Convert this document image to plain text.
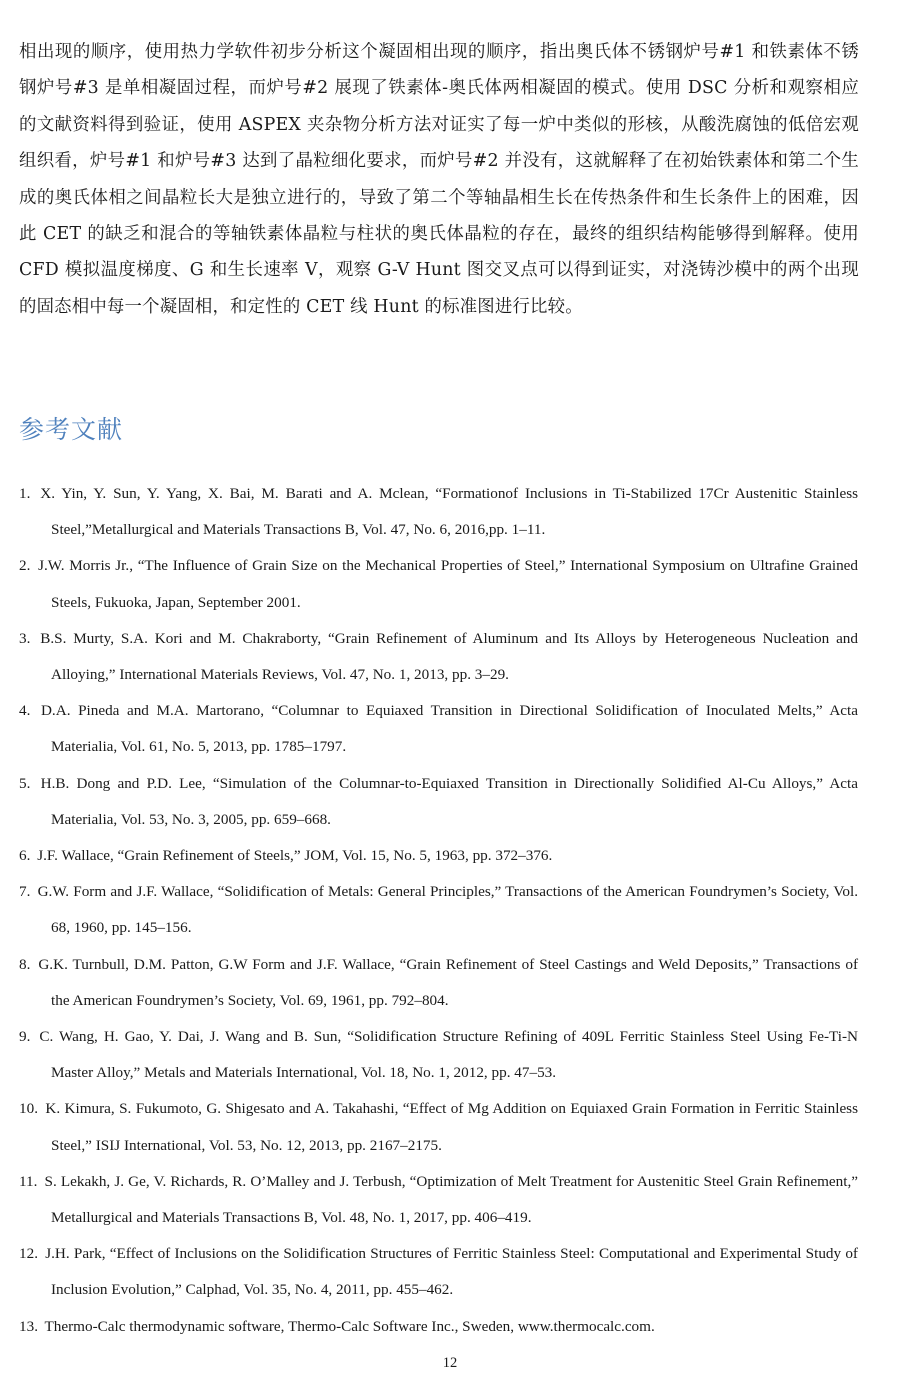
相出现的顺序，使用热力学软件初步分析这个凝固相出现的顺序，指出奥氏体不锈钢炉号#1 和铁素体不锈钢炉号#3 是单相凝固过程，而炉号#2 展现了铁素体-奥氏体两相凝固的模式。使用 DSC 分析和观察相应的文献资料得到验证，使用 ASPEX 夹杂物分析方法对证实了每一炉中类似的形核，从酸洗腐蚀的低倍宏观组织看，炉号#1 和炉号#3 达到了晶粒细化要求，而炉号#2 并没有，这就解释了在初始铁素体和第二个生成的奥氏体相之间晶粒长大是独立进行的，导致了第二个等轴晶相生长在传热条件和生长条件上的困难，因此 CET 的缺乏和混合的等轴铁素体晶粒与柱状的奥氏体晶粒的存在，最终的组织结构能够得到解释。使用 CFD 模拟温度梯度、G 和生长速率 V，观察 G-V Hunt 图交叉点可以得到证实，对浇铸沙模中的两个出现的固态相中每一个凝固相，和定性的 CET 线 Hunt 的标准图进行比较。

参考文献
1. X. Yin, Y. Sun, Y. Yang, X. Bai, M. Barati and A. Mclean, “Formationof Inclusions in Ti-Stabilized 17Cr Austenitic Stainless Steel,”Metallurgical and Materials Transactions B, Vol. 47, No. 6, 2016,pp. 1–11.
2. J.W. Morris Jr., “The Influence of Grain Size on the Mechanical Properties of Steel,” International Symposium on Ultrafine Grained Steels, Fukuoka, Japan, September 2001.
3. B.S. Murty, S.A. Kori and M. Chakraborty, “Grain Refinement of Aluminum and Its Alloys by Heterogeneous Nucleation and Alloying,” International Materials Reviews, Vol. 47, No. 1, 2013, pp. 3–29.
4. D.A. Pineda and M.A. Martorano, “Columnar to Equiaxed Transition in Directional Solidification of Inoculated Melts,” Acta Materialia, Vol. 61, No. 5, 2013, pp. 1785–1797.
5. H.B. Dong and P.D. Lee, “Simulation of the Columnar-to-Equiaxed Transition in Directionally Solidified Al-Cu Alloys,” Acta Materialia, Vol. 53, No. 3, 2005, pp. 659–668.
6. J.F. Wallace, “Grain Refinement of Steels,” JOM, Vol. 15, No. 5, 1963, pp. 372–376.
7. G.W. Form and J.F. Wallace, “Solidification of Metals: General Principles,” Transactions of the American Foundrymen’s Society, Vol. 68, 1960, pp. 145–156.
8. G.K. Turnbull, D.M. Patton, G.W Form and J.F. Wallace, “Grain Refinement of Steel Castings and Weld Deposits,” Transactions of the American Foundrymen’s Society, Vol. 69, 1961, pp. 792–804.
9. C. Wang, H. Gao, Y. Dai, J. Wang and B. Sun, “Solidification Structure Refining of 409L Ferritic Stainless Steel Using Fe-Ti-N Master Alloy,” Metals and Materials International, Vol. 18, No. 1, 2012, pp. 47–53.
10. K. Kimura, S. Fukumoto, G. Shigesato and A. Takahashi, “Effect of Mg Addition on Equiaxed Grain Formation in Ferritic Stainless Steel,” ISIJ International, Vol. 53, No. 12, 2013, pp. 2167–2175.
11. S. Lekakh, J. Ge, V. Richards, R. O’Malley and J. Terbush, “Optimization of Melt Treatment for Austenitic Steel Grain Refinement,” Metallurgical and Materials Transactions B, Vol. 48, No. 1, 2017, pp. 406–419.
12. J.H. Park, “Effect of Inclusions on the Solidification Structures of Ferritic Stainless Steel: Computational and Experimental Study of Inclusion Evolution,” Calphad, Vol. 35, No. 4, 2011, pp. 455–462.
13. Thermo-Calc thermodynamic software, Thermo-Calc Software Inc., Sweden, www.thermocalc.com.
12
